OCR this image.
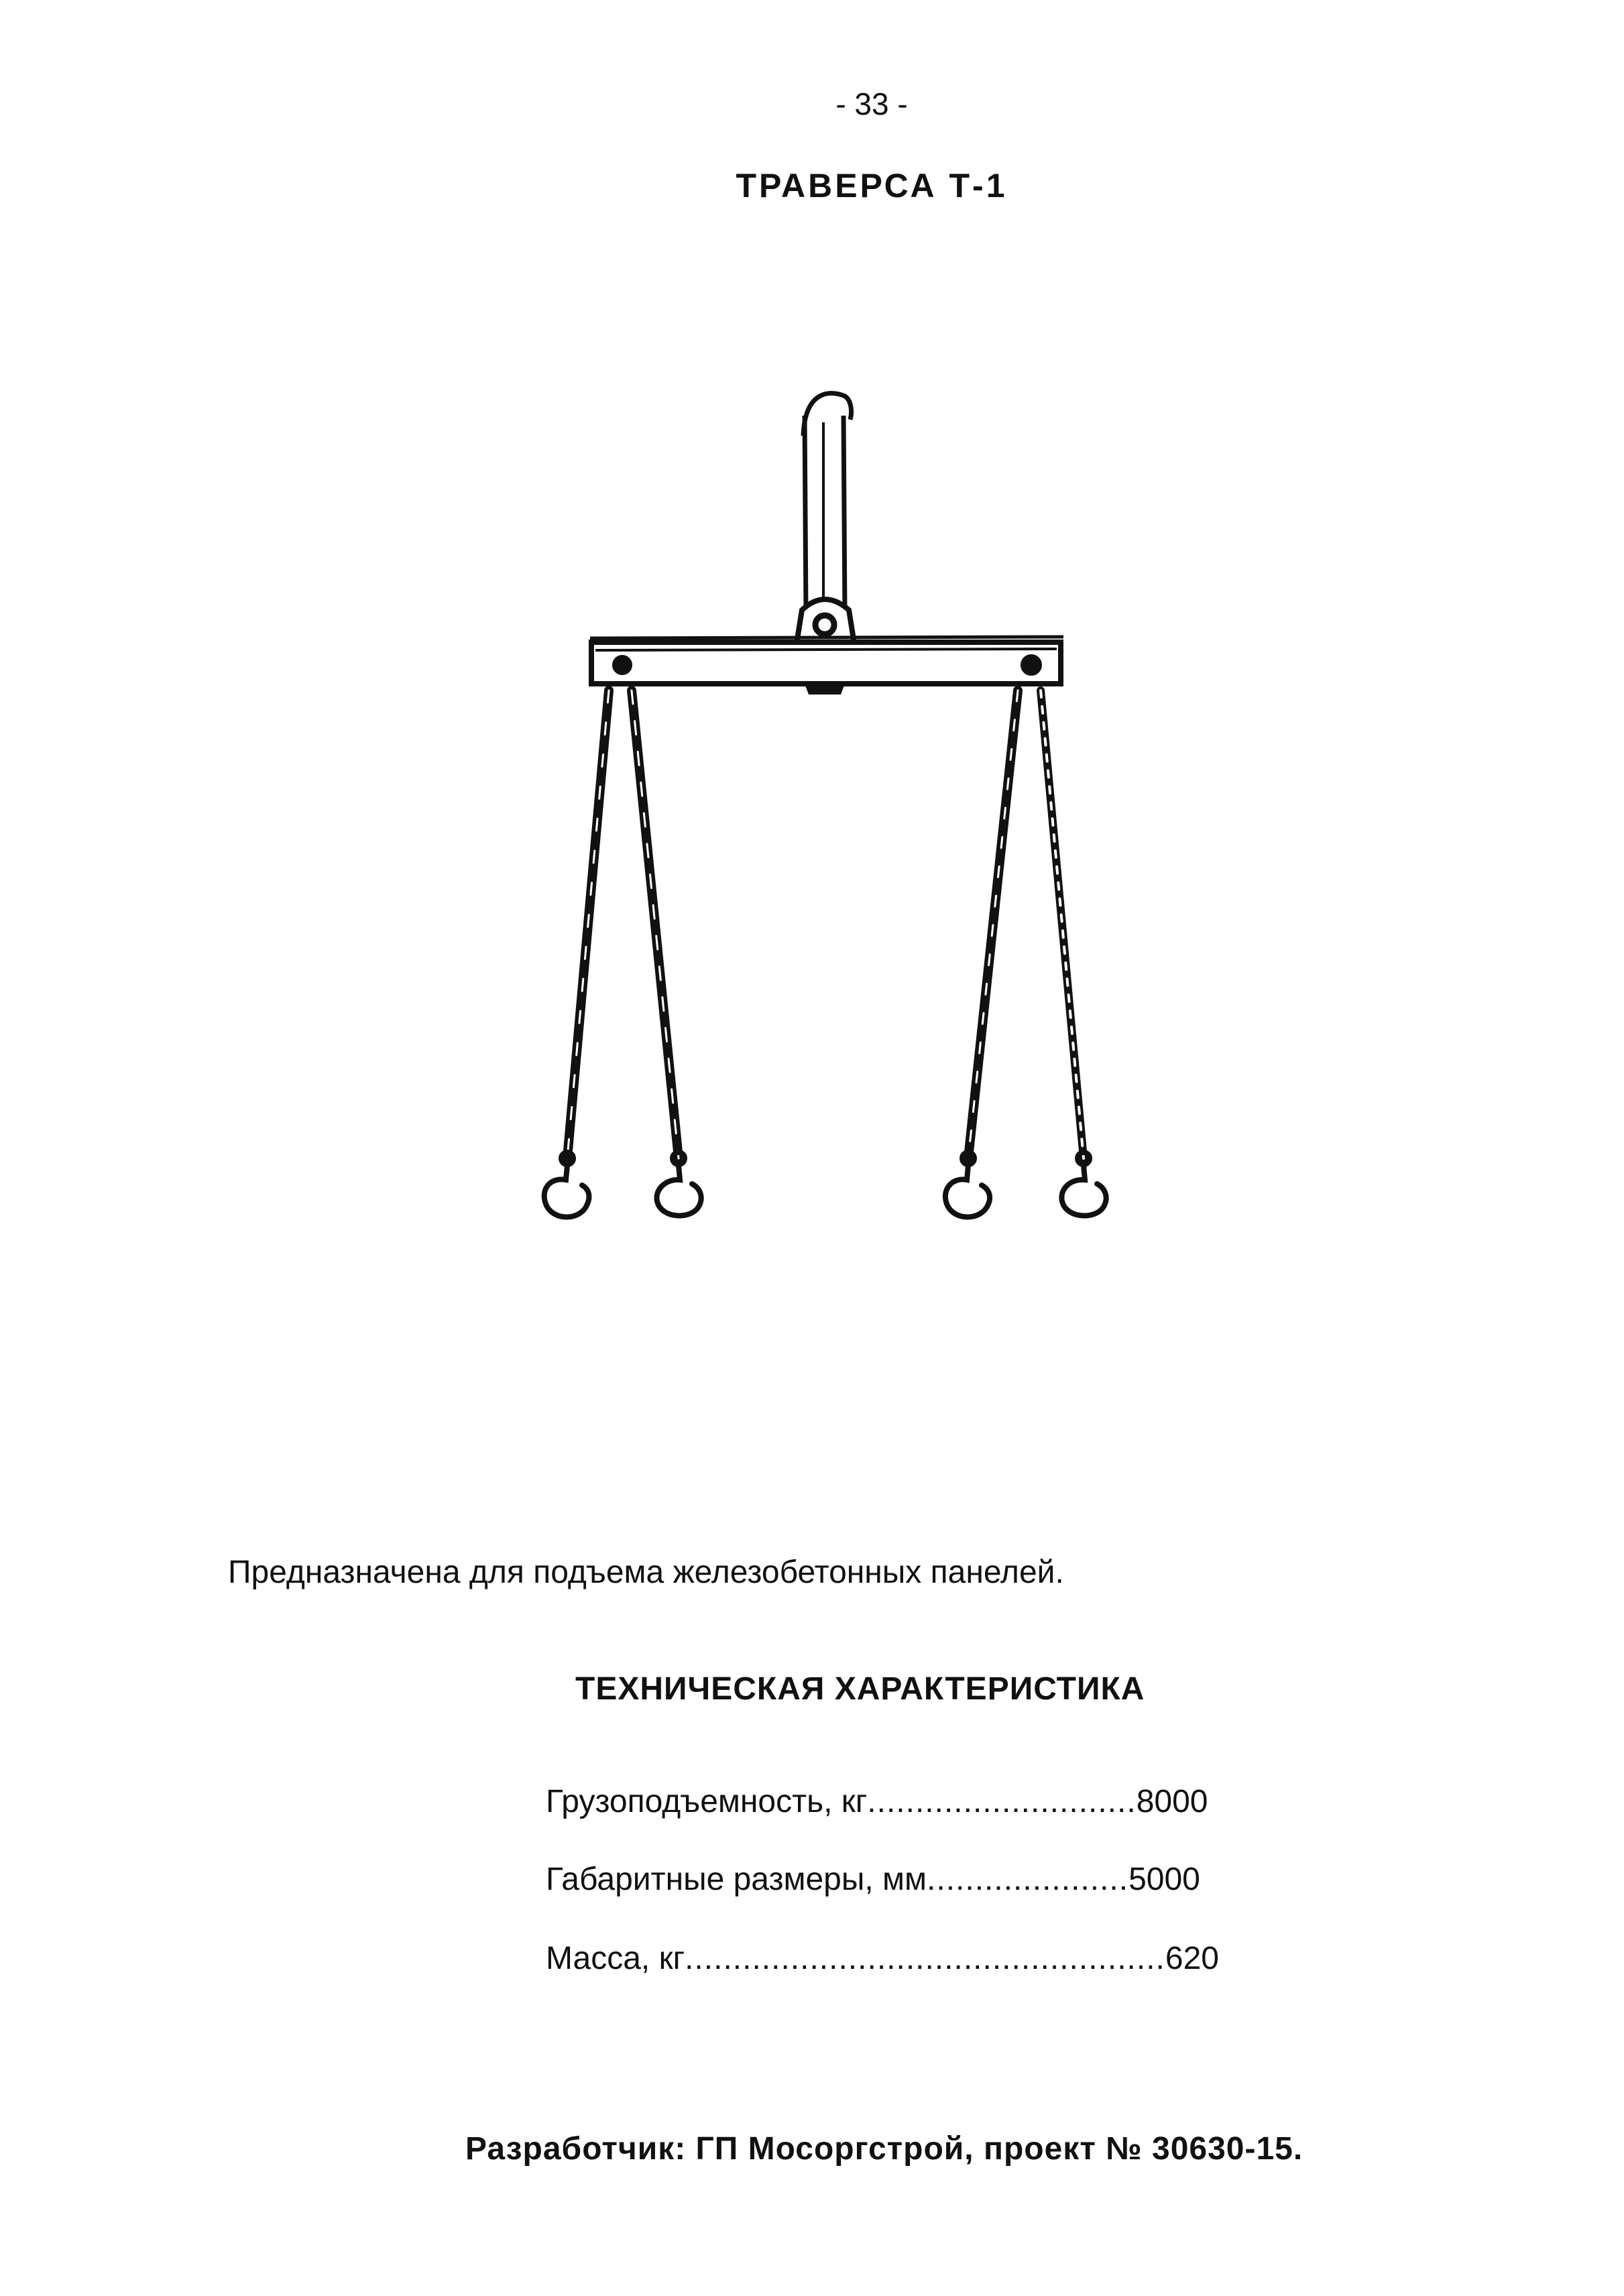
- 33 -
ТРАВЕРСА Т-1
Предназначена для подъема железобетонных панелей.
ТЕХНИЧЕСКАЯ ХАРАКТЕРИСТИКА
Грузоподъемность, кг............................8000
Габаритные размеры, мм.....................5000
Масса, кг..................................................620
Разработчик: ГП Мосоргстрой, проект № 30630-15.
